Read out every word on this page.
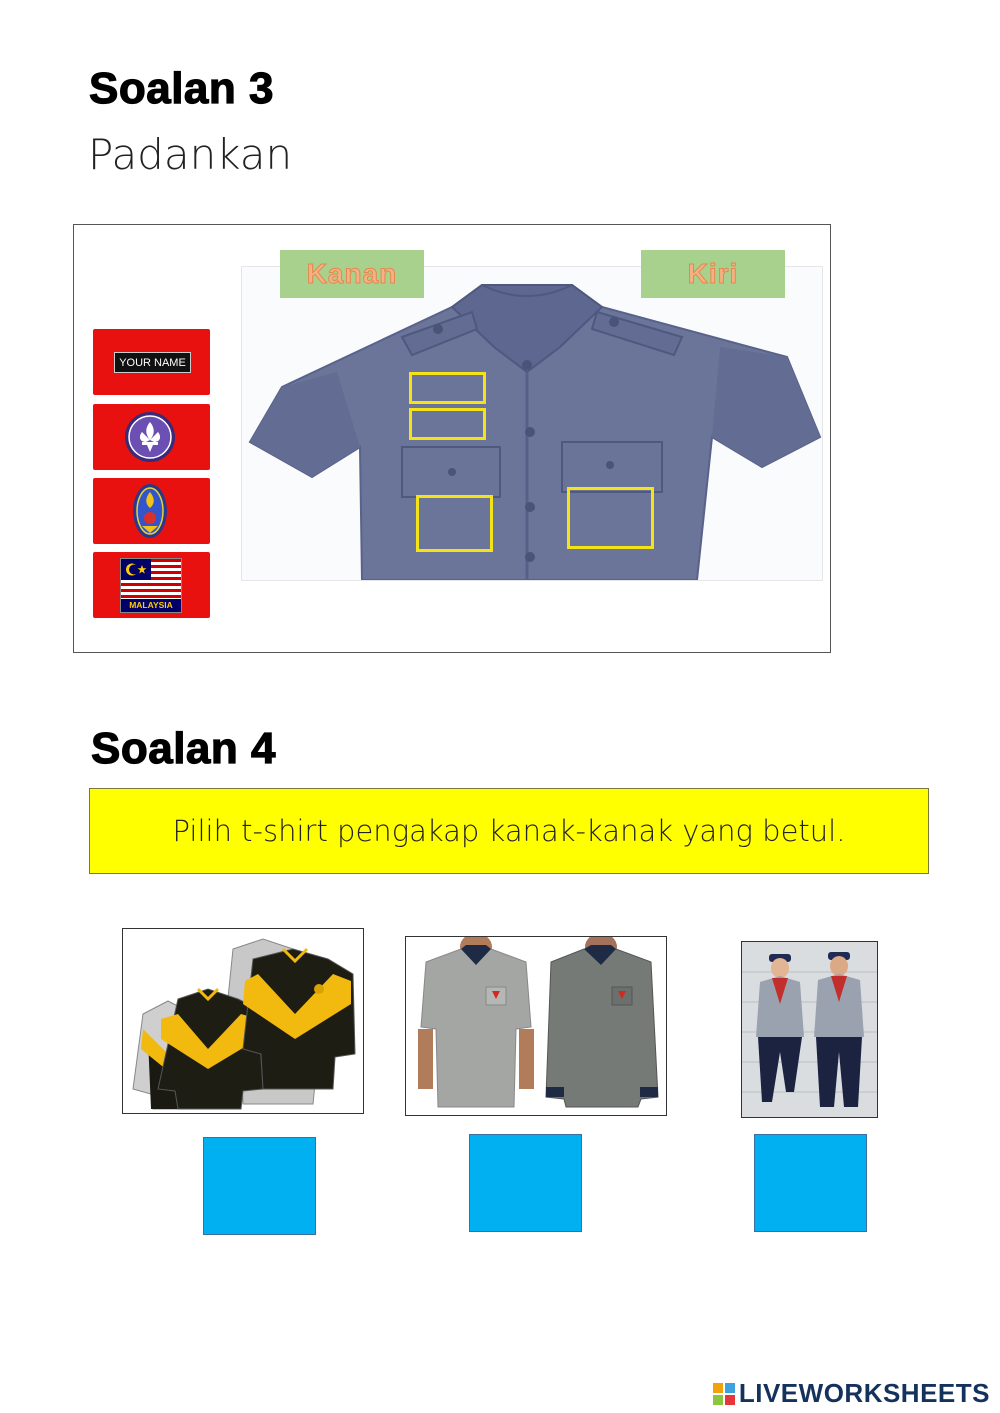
Soalan 3
Padankan
YOUR NAME
MALAYSIA
Kanan	Kiri
Soalan 4
Pilih t-shirt pengakap kanak-kanak yang betul.
LIVEWORKSHEETS
